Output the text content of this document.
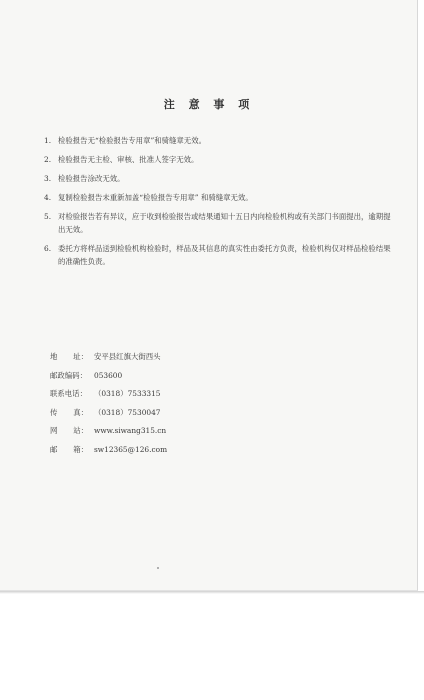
注 意 事 项
1. 检验报告无“检验报告专用章”和骑缝章无效。
2. 检验报告无主检、审核、批准人签字无效。
3. 检验报告涂改无效。
4. 复制检验报告未重新加盖“检验报告专用章” 和骑缝章无效。
5. 对检验报告若有异议，应于收到检验报告或结果通知十五日内向检验机构或有关部门书面提出，逾期提出无效。
6. 委托方将样品送到检验机构检验时，样品及其信息的真实性由委托方负责，检验机构仅对样品检验结果的准确性负责。
地 址： 安平县红旗大街西头
邮政编码： 053600
联系电话： （0318）7533315
传 真： （0318）7530047
网 站： www.siwang315.cn
邮 箱： sw12365@126.com
